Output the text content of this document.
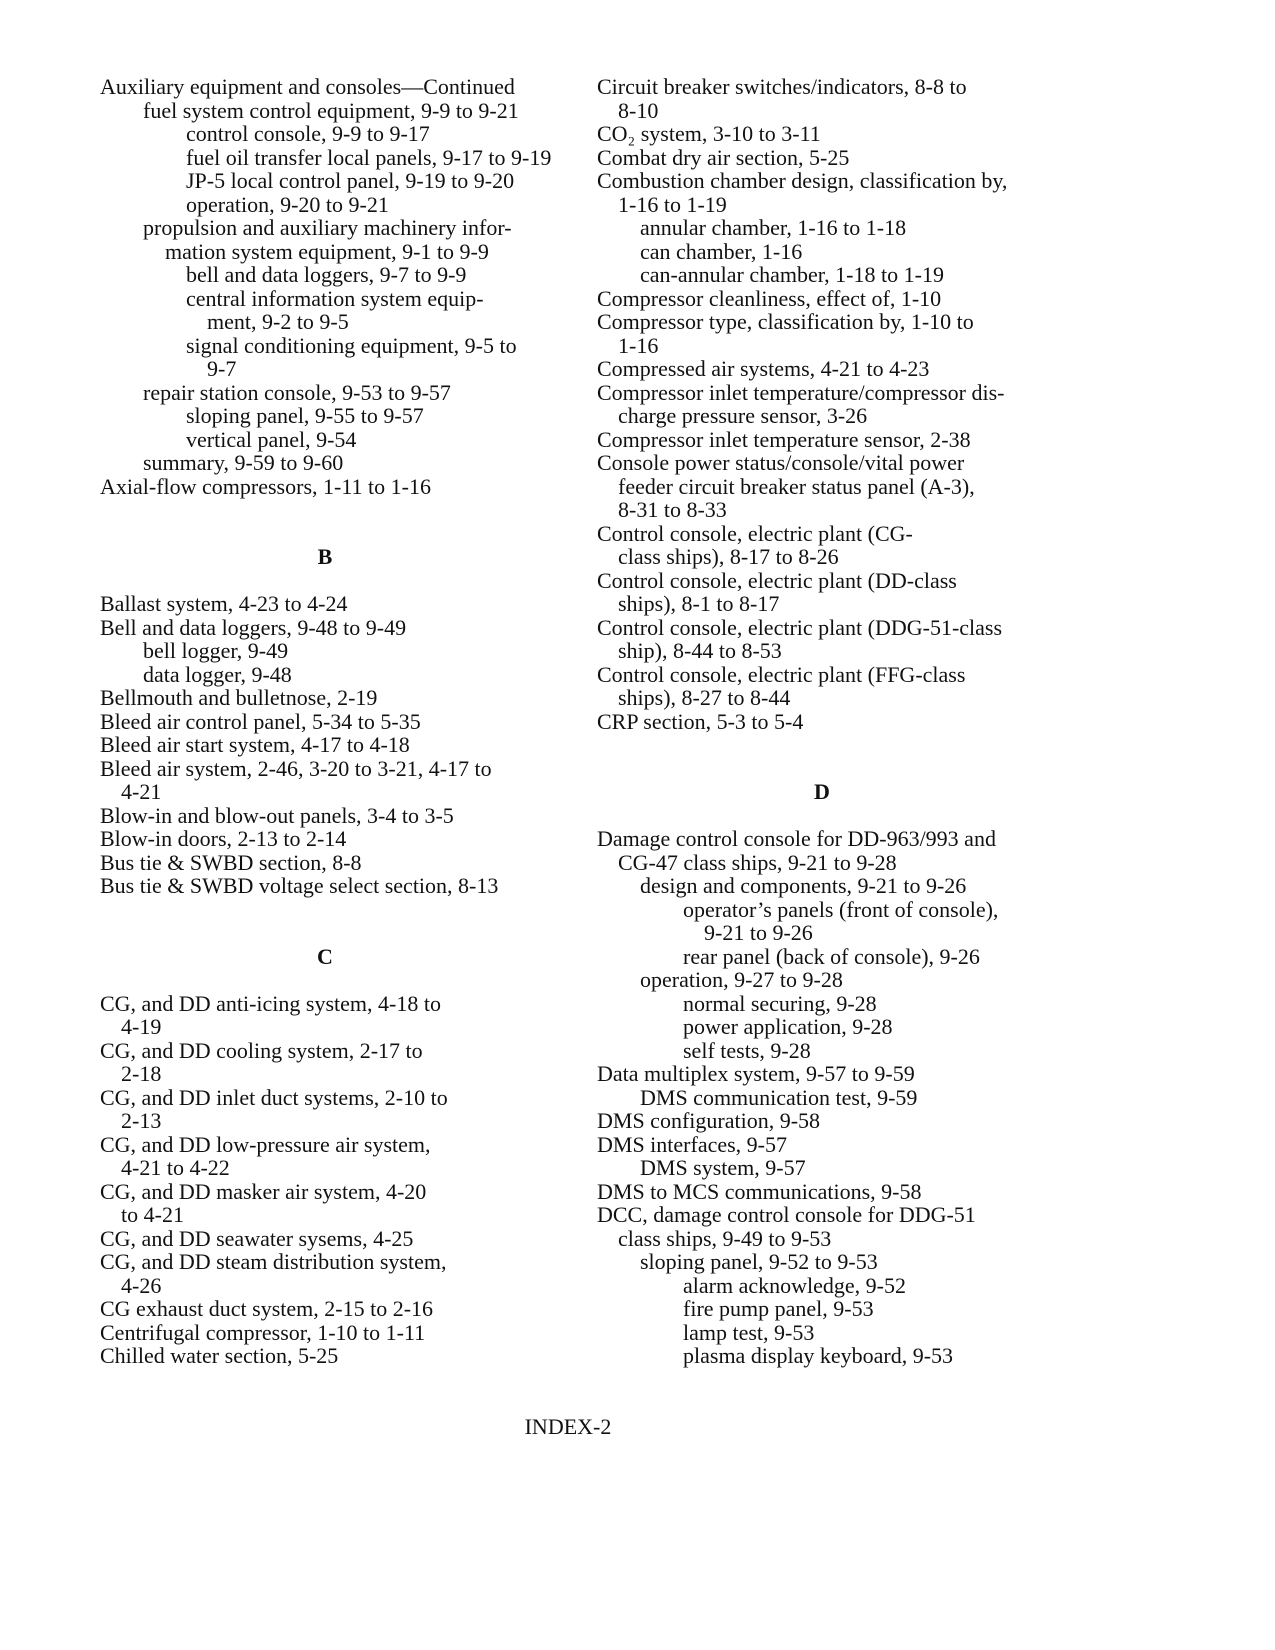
Auxiliary equipment and consoles—Continued
fuel system control equipment, 9-9 to 9-21
control console, 9-9 to 9-17
fuel oil transfer local panels, 9-17 to 9-19
JP-5 local control panel, 9-19 to 9-20
operation, 9-20 to 9-21
propulsion and auxiliary machinery infor-
mation system equipment, 9-1 to 9-9
bell and data loggers, 9-7 to 9-9
central information system equip-
ment, 9-2 to 9-5
signal conditioning equipment, 9-5 to
9-7
repair station console, 9-53 to 9-57
sloping panel, 9-55 to 9-57
vertical panel, 9-54
summary, 9-59 to 9-60
Axial-flow compressors, 1-11 to 1-16
B
Ballast system, 4-23 to 4-24
Bell and data loggers, 9-48 to 9-49
bell logger, 9-49
data logger, 9-48
Bellmouth and bulletnose, 2-19
Bleed air control panel, 5-34 to 5-35
Bleed air start system, 4-17 to 4-18
Bleed air system, 2-46, 3-20 to 3-21, 4-17 to
4-21
Blow-in and blow-out panels, 3-4 to 3-5
Blow-in doors, 2-13 to 2-14
Bus tie & SWBD section, 8-8
Bus tie & SWBD voltage select section, 8-13
C
CG, and DD anti-icing system, 4-18 to
4-19
CG, and DD cooling system, 2-17 to
2-18
CG, and DD inlet duct systems, 2-10 to
2-13
CG, and DD low-pressure air system,
4-21 to 4-22
CG, and DD masker air system, 4-20
to 4-21
CG, and DD seawater sysems, 4-25
CG, and DD steam distribution system,
4-26
CG exhaust duct system, 2-15 to 2-16
Centrifugal compressor, 1-10 to 1-11
Chilled water section, 5-25
Circuit breaker switches/indicators, 8-8 to
8-10
CO₂ system, 3-10 to 3-11
Combat dry air section, 5-25
Combustion chamber design, classification by,
1-16 to 1-19
annular chamber, 1-16 to 1-18
can chamber, 1-16
can-annular chamber, 1-18 to 1-19
Compressor cleanliness, effect of, 1-10
Compressor type, classification by, 1-10 to
1-16
Compressed air systems, 4-21 to 4-23
Compressor inlet temperature/compressor dis-
charge pressure sensor, 3-26
Compressor inlet temperature sensor, 2-38
Console power status/console/vital power
feeder circuit breaker status panel (A-3),
8-31 to 8-33
Control console, electric plant (CG-
class ships), 8-17 to 8-26
Control console, electric plant (DD-class
ships), 8-1 to 8-17
Control console, electric plant (DDG-51-class
ship), 8-44 to 8-53
Control console, electric plant (FFG-class
ships), 8-27 to 8-44
CRP section, 5-3 to 5-4
D
Damage control console for DD-963/993 and
CG-47 class ships, 9-21 to 9-28
design and components, 9-21 to 9-26
operator’s panels (front of console),
9-21 to 9-26
rear panel (back of console), 9-26
operation, 9-27 to 9-28
normal securing, 9-28
power application, 9-28
self tests, 9-28
Data multiplex system, 9-57 to 9-59
DMS communication test, 9-59
DMS configuration, 9-58
DMS interfaces, 9-57
DMS system, 9-57
DMS to MCS communications, 9-58
DCC, damage control console for DDG-51
class ships, 9-49 to 9-53
sloping panel, 9-52 to 9-53
alarm acknowledge, 9-52
fire pump panel, 9-53
lamp test, 9-53
plasma display keyboard, 9-53
INDEX-2
